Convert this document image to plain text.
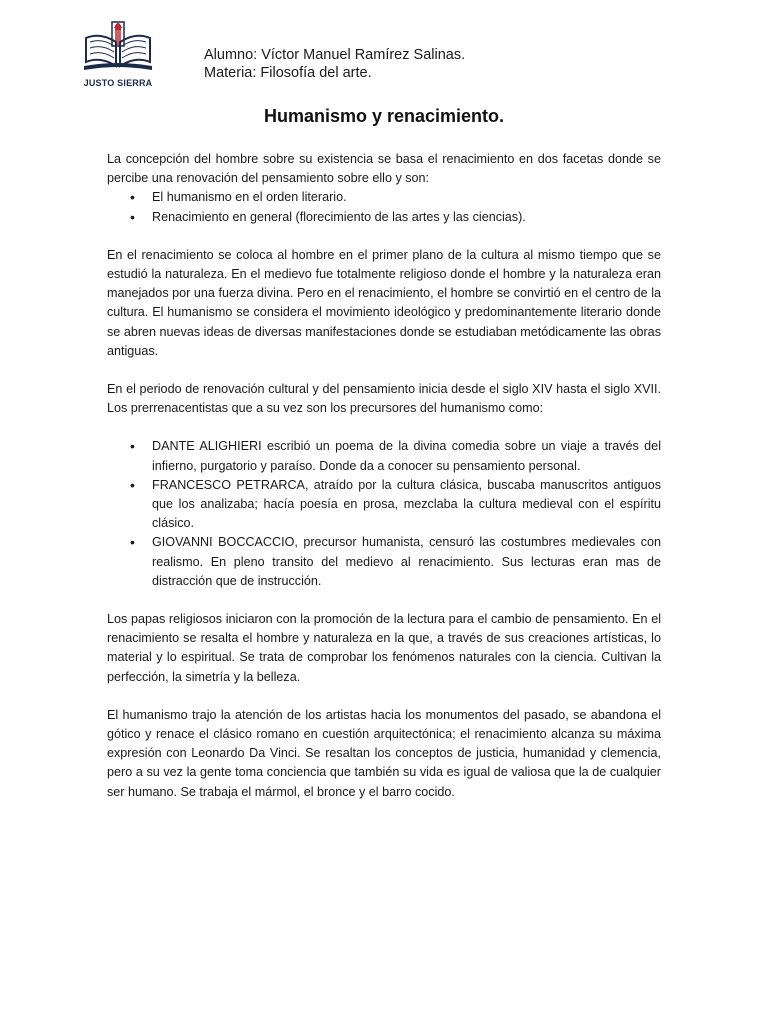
JUSTO SIERRA
Alumno: Víctor Manuel Ramírez Salinas.
Materia: Filosofía del arte.
Humanismo y renacimiento.

La concepción del hombre sobre su existencia se basa el renacimiento en dos facetas donde se percibe una renovación del pensamiento sobre ello y son:

• El humanismo en el orden literario.
• Renacimiento en general (florecimiento de las artes y las ciencias).

En el renacimiento se coloca al hombre en el primer plano de la cultura al mismo tiempo que se estudió la naturaleza. En el medievo fue totalmente religioso donde el hombre y la naturaleza eran manejados por una fuerza divina. Pero en el renacimiento, el hombre se convirtió en el centro de la cultura. El humanismo se considera el movimiento ideológico y predominantemente literario donde se abren nuevas ideas de diversas manifestaciones donde se estudiaban metódicamente las obras antiguas.

En el periodo de renovación cultural y del pensamiento inicia desde el siglo XIV hasta el siglo XVII. Los prerrenacentistas que a su vez son los precursores del humanismo como:

• DANTE ALIGHIERI escribió un poema de la divina comedia sobre un viaje a través del infierno, purgatorio y paraíso. Donde da a conocer su pensamiento personal.
• FRANCESCO PETRARCA, atraído por la cultura clásica, buscaba manuscritos antiguos que los analizaba; hacía poesía en prosa, mezclaba la cultura medieval con el espíritu clásico.
• GIOVANNI BOCCACCIO, precursor humanista, censuró las costumbres medievales con realismo. En pleno transito del medievo al renacimiento. Sus lecturas eran mas de distracción que de instrucción.

Los papas religiosos iniciaron con la promoción de la lectura para el cambio de pensamiento. En el renacimiento se resalta el hombre y naturaleza en la que, a través de sus creaciones artísticas, lo material y lo espiritual. Se trata de comprobar los fenómenos naturales con la ciencia. Cultivan la perfección, la simetría y la belleza.

El humanismo trajo la atención de los artistas hacia los monumentos del pasado, se abandona el gótico y renace el clásico romano en cuestión arquitectónica; el renacimiento alcanza su máxima expresión con Leonardo Da Vinci. Se resaltan los conceptos de justicia, humanidad y clemencia, pero a su vez la gente toma conciencia que también su vida es igual de valiosa que la de cualquier ser humano. Se trabaja el mármol, el bronce y el barro cocido.
